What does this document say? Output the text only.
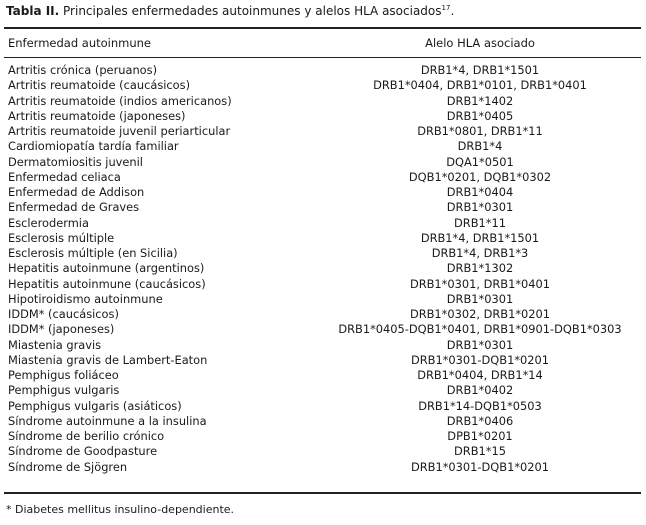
Tabla II. Principales enfermedades autoinmunes y alelos HLA asociados$^{17}$.
Enfermedad autoinmune	Alelo HLA asociado
Artritis crónica (peruanos)	DRB1*4, DRB1*1501
Artritis reumatoide (caucásicos)	DRB1*0404, DRB1*0101, DRB1*0401
Artritis reumatoide (indios americanos)	DRB1*1402
Artritis reumatoide (japoneses)	DRB1*0405
Artritis reumatoide juvenil periarticular	DRB1*0801, DRB1*11
Cardiomiopatía tardía familiar	DRB1*4
Dermatomiositis juvenil	DQA1*0501
Enfermedad celiaca	DQB1*0201, DQB1*0302
Enfermedad de Addison	DRB1*0404
Enfermedad de Graves	DRB1*0301
Esclerodermia	DRB1*11
Esclerosis múltiple	DRB1*4, DRB1*1501
Esclerosis múltiple (en Sicilia)	DRB1*4, DRB1*3
Hepatitis autoinmune (argentinos)	DRB1*1302
Hepatitis autoinmune (caucásicos)	DRB1*0301, DRB1*0401
Hipotiroidismo autoinmune	DRB1*0301
IDDM* (caucásicos)	DRB1*0302, DRB1*0201
IDDM* (japoneses)	DRB1*0405-DQB1*0401, DRB1*0901-DQB1*0303
Miastenia gravis	DRB1*0301
Miastenia gravis de Lambert-Eaton	DRB1*0301-DQB1*0201
Pemphigus foliáceo	DRB1*0404, DRB1*14
Pemphigus vulgaris	DRB1*0402
Pemphigus vulgaris (asiáticos)	DRB1*14-DQB1*0503
Síndrome autoinmune a la insulina	DRB1*0406
Síndrome de berilio crónico	DPB1*0201
Síndrome de Goodpasture	DRB1*15
Síndrome de Sjögren	DRB1*0301-DQB1*0201
* Diabetes mellitus insulino-dependiente.
